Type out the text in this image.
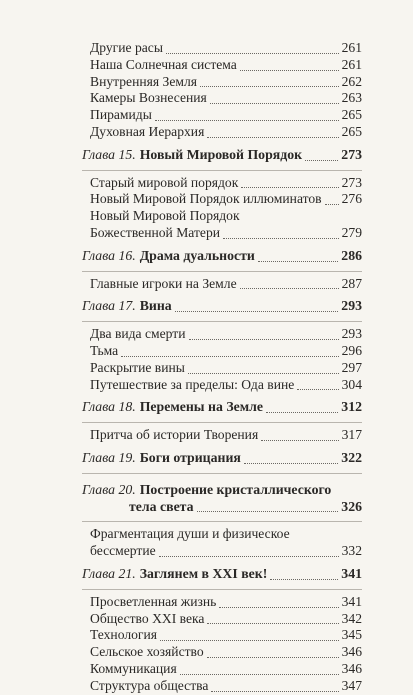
Другие расы	261
Наша Солнечная система	261
Внутренняя Земля	262
Камеры Вознесения	263
Пирамиды	265
Духовная Иерархия	265
Глава 15. Новый Мировой Порядок	273
Старый мировой порядок	273
Новый Мировой Порядок иллюминатов 276
Новый Мировой Порядок
Божественной Матери	279
Глава 16. Драма дуальности	286
Главные игроки на Земле	287
Глава 17. Вина	293
Два вида смерти	293
Тьма	296
Раскрытие вины	297
Путешествие за пределы: Ода вине	304
Глава 18. Перемены на Земле	312
Притча об истории Творения	317
Глава 19. Боги отрицания	322
Глава 20. Построение кристаллического
тела света	326
Фрагментация души и физическое
бессмертие	332
Глава 21. Заглянем в XXI век!	341
Просветленная жизнь	341
Общество XXI века	342
Технология	345
Сельское хозяйство	346
Коммуникация	346
Структура общества	347
